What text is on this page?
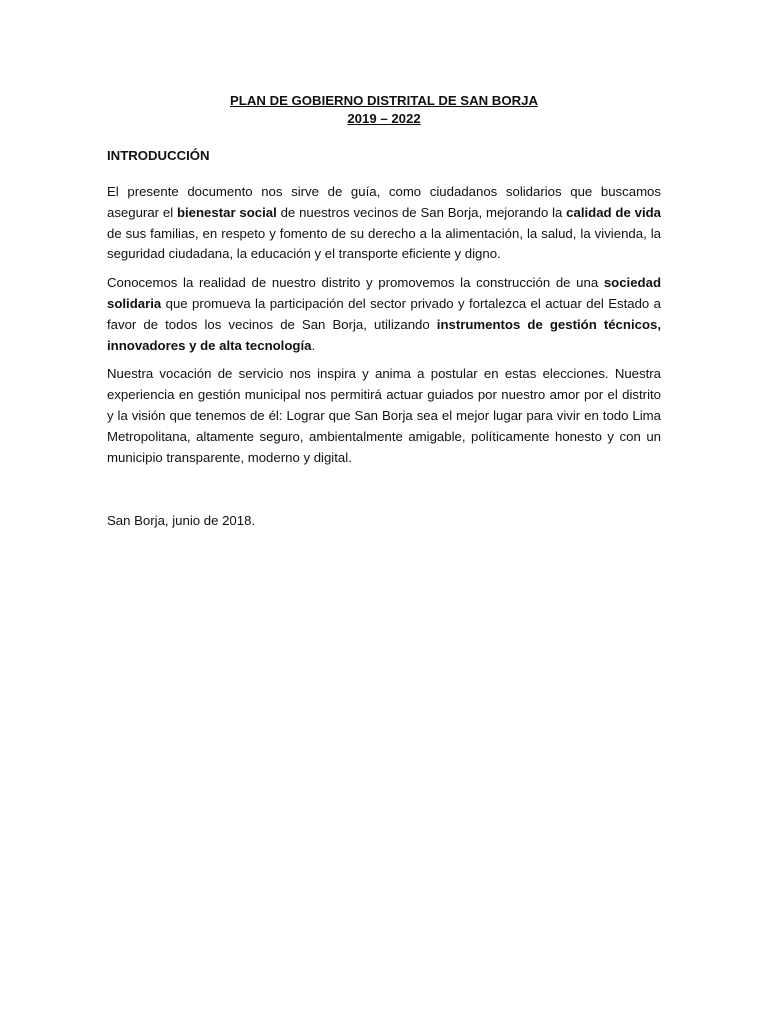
PLAN DE GOBIERNO DISTRITAL DE SAN BORJA

2019 – 2022

INTRODUCCIÓN

El presente documento nos sirve de guía, como ciudadanos solidarios que buscamos asegurar el bienestar social de nuestros vecinos de San Borja, mejorando la calidad de vida de sus familias, en respeto y fomento de su derecho a la alimentación, la salud, la vivienda, la seguridad ciudadana, la educación y el transporte eficiente y digno.

Conocemos la realidad de nuestro distrito y promovemos la construcción de una sociedad solidaria que promueva la participación del sector privado y fortalezca el actuar del Estado a favor de todos los vecinos de San Borja, utilizando instrumentos de gestión técnicos, innovadores y de alta tecnología.

Nuestra vocación de servicio nos inspira y anima a postular en estas elecciones. Nuestra experiencia en gestión municipal nos permitirá actuar guiados por nuestro amor por el distrito y la visión que tenemos de él: Lograr que San Borja sea el mejor lugar para vivir en todo Lima Metropolitana, altamente seguro, ambientalmente amigable, políticamente honesto y con un municipio transparente, moderno y digital.

San Borja, junio de 2018.
